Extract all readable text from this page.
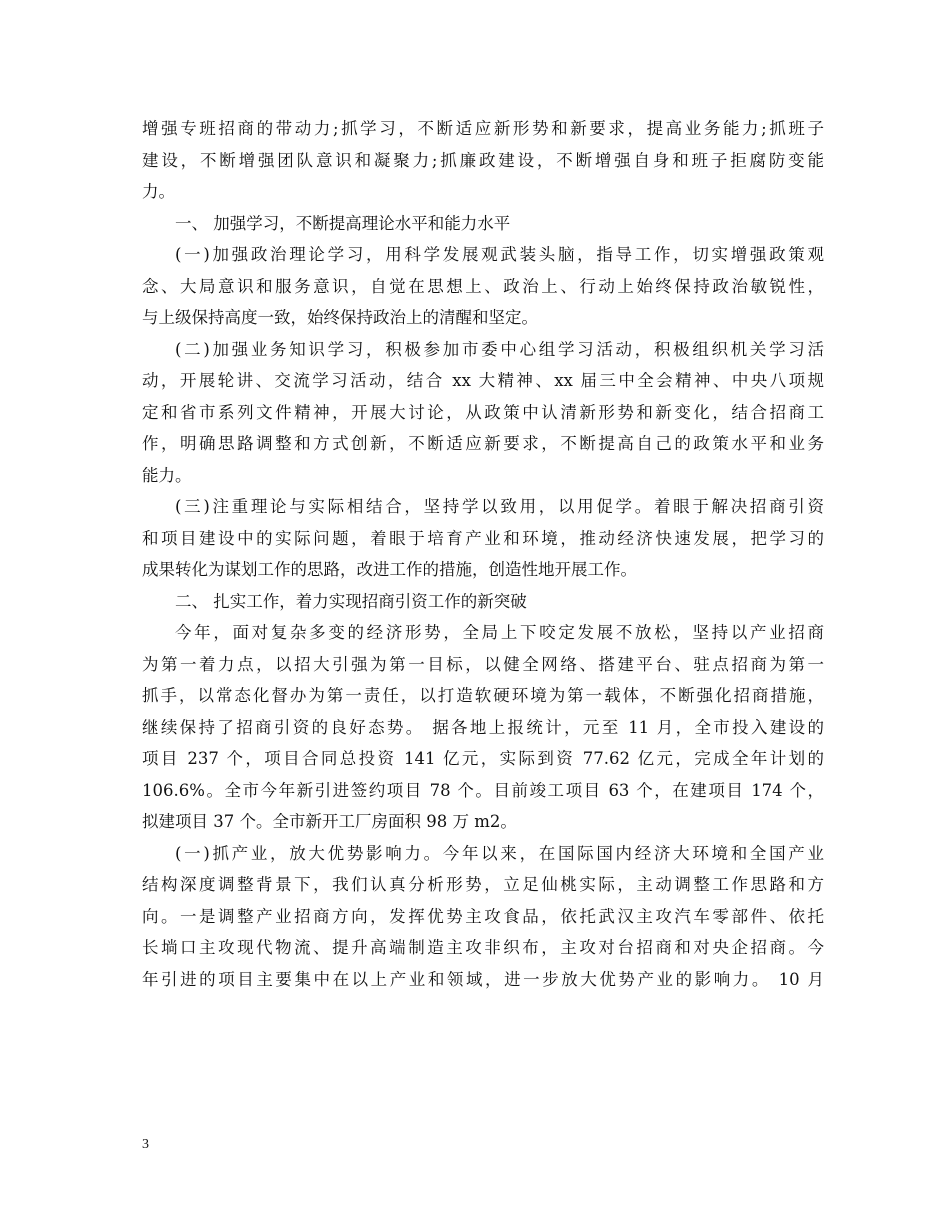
增强专班招商的带动力;抓学习，不断适应新形势和新要求，提高业务能力;抓班子
建设，不断增强团队意识和凝聚力;抓廉政建设，不断增强自身和班子拒腐防变能
力。
一、 加强学习，不断提高理论水平和能力水平
(一)加强政治理论学习，用科学发展观武装头脑，指导工作，切实增强政策观
念、大局意识和服务意识，自觉在思想上、政治上、行动上始终保持政治敏锐性，
与上级保持高度一致，始终保持政治上的清醒和坚定。
(二)加强业务知识学习，积极参加市委中心组学习活动，积极组织机关学习活
动，开展轮讲、交流学习活动，结合 xx 大精神、xx 届三中全会精神、中央八项规
定和省市系列文件精神，开展大讨论，从政策中认清新形势和新变化，结合招商工
作，明确思路调整和方式创新，不断适应新要求，不断提高自己的政策水平和业务
能力。
(三)注重理论与实际相结合，坚持学以致用，以用促学。着眼于解决招商引资
和项目建设中的实际问题，着眼于培育产业和环境，推动经济快速发展，把学习的
成果转化为谋划工作的思路，改进工作的措施，创造性地开展工作。
二、 扎实工作，着力实现招商引资工作的新突破
今年，面对复杂多变的经济形势，全局上下咬定发展不放松，坚持以产业招商
为第一着力点，以招大引强为第一目标，以健全网络、搭建平台、驻点招商为第一
抓手，以常态化督办为第一责任，以打造软硬环境为第一载体，不断强化招商措施，
继续保持了招商引资的良好态势。 据各地上报统计，元至 11 月，全市投入建设的
项目 237 个，项目合同总投资 141 亿元，实际到资 77.62 亿元，完成全年计划的
106.6%。全市今年新引进签约项目 78 个。目前竣工项目 63 个，在建项目 174 个，
拟建项目 37 个。全市新开工厂房面积 98 万 m2。
(一)抓产业，放大优势影响力。今年以来，在国际国内经济大环境和全国产业
结构深度调整背景下，我们认真分析形势，立足仙桃实际，主动调整工作思路和方
向。一是调整产业招商方向，发挥优势主攻食品，依托武汉主攻汽车零部件、依托
长埫口主攻现代物流、提升高端制造主攻非织布，主攻对台招商和对央企招商。今
年引进的项目主要集中在以上产业和领域，进一步放大优势产业的影响力。 10 月
3
